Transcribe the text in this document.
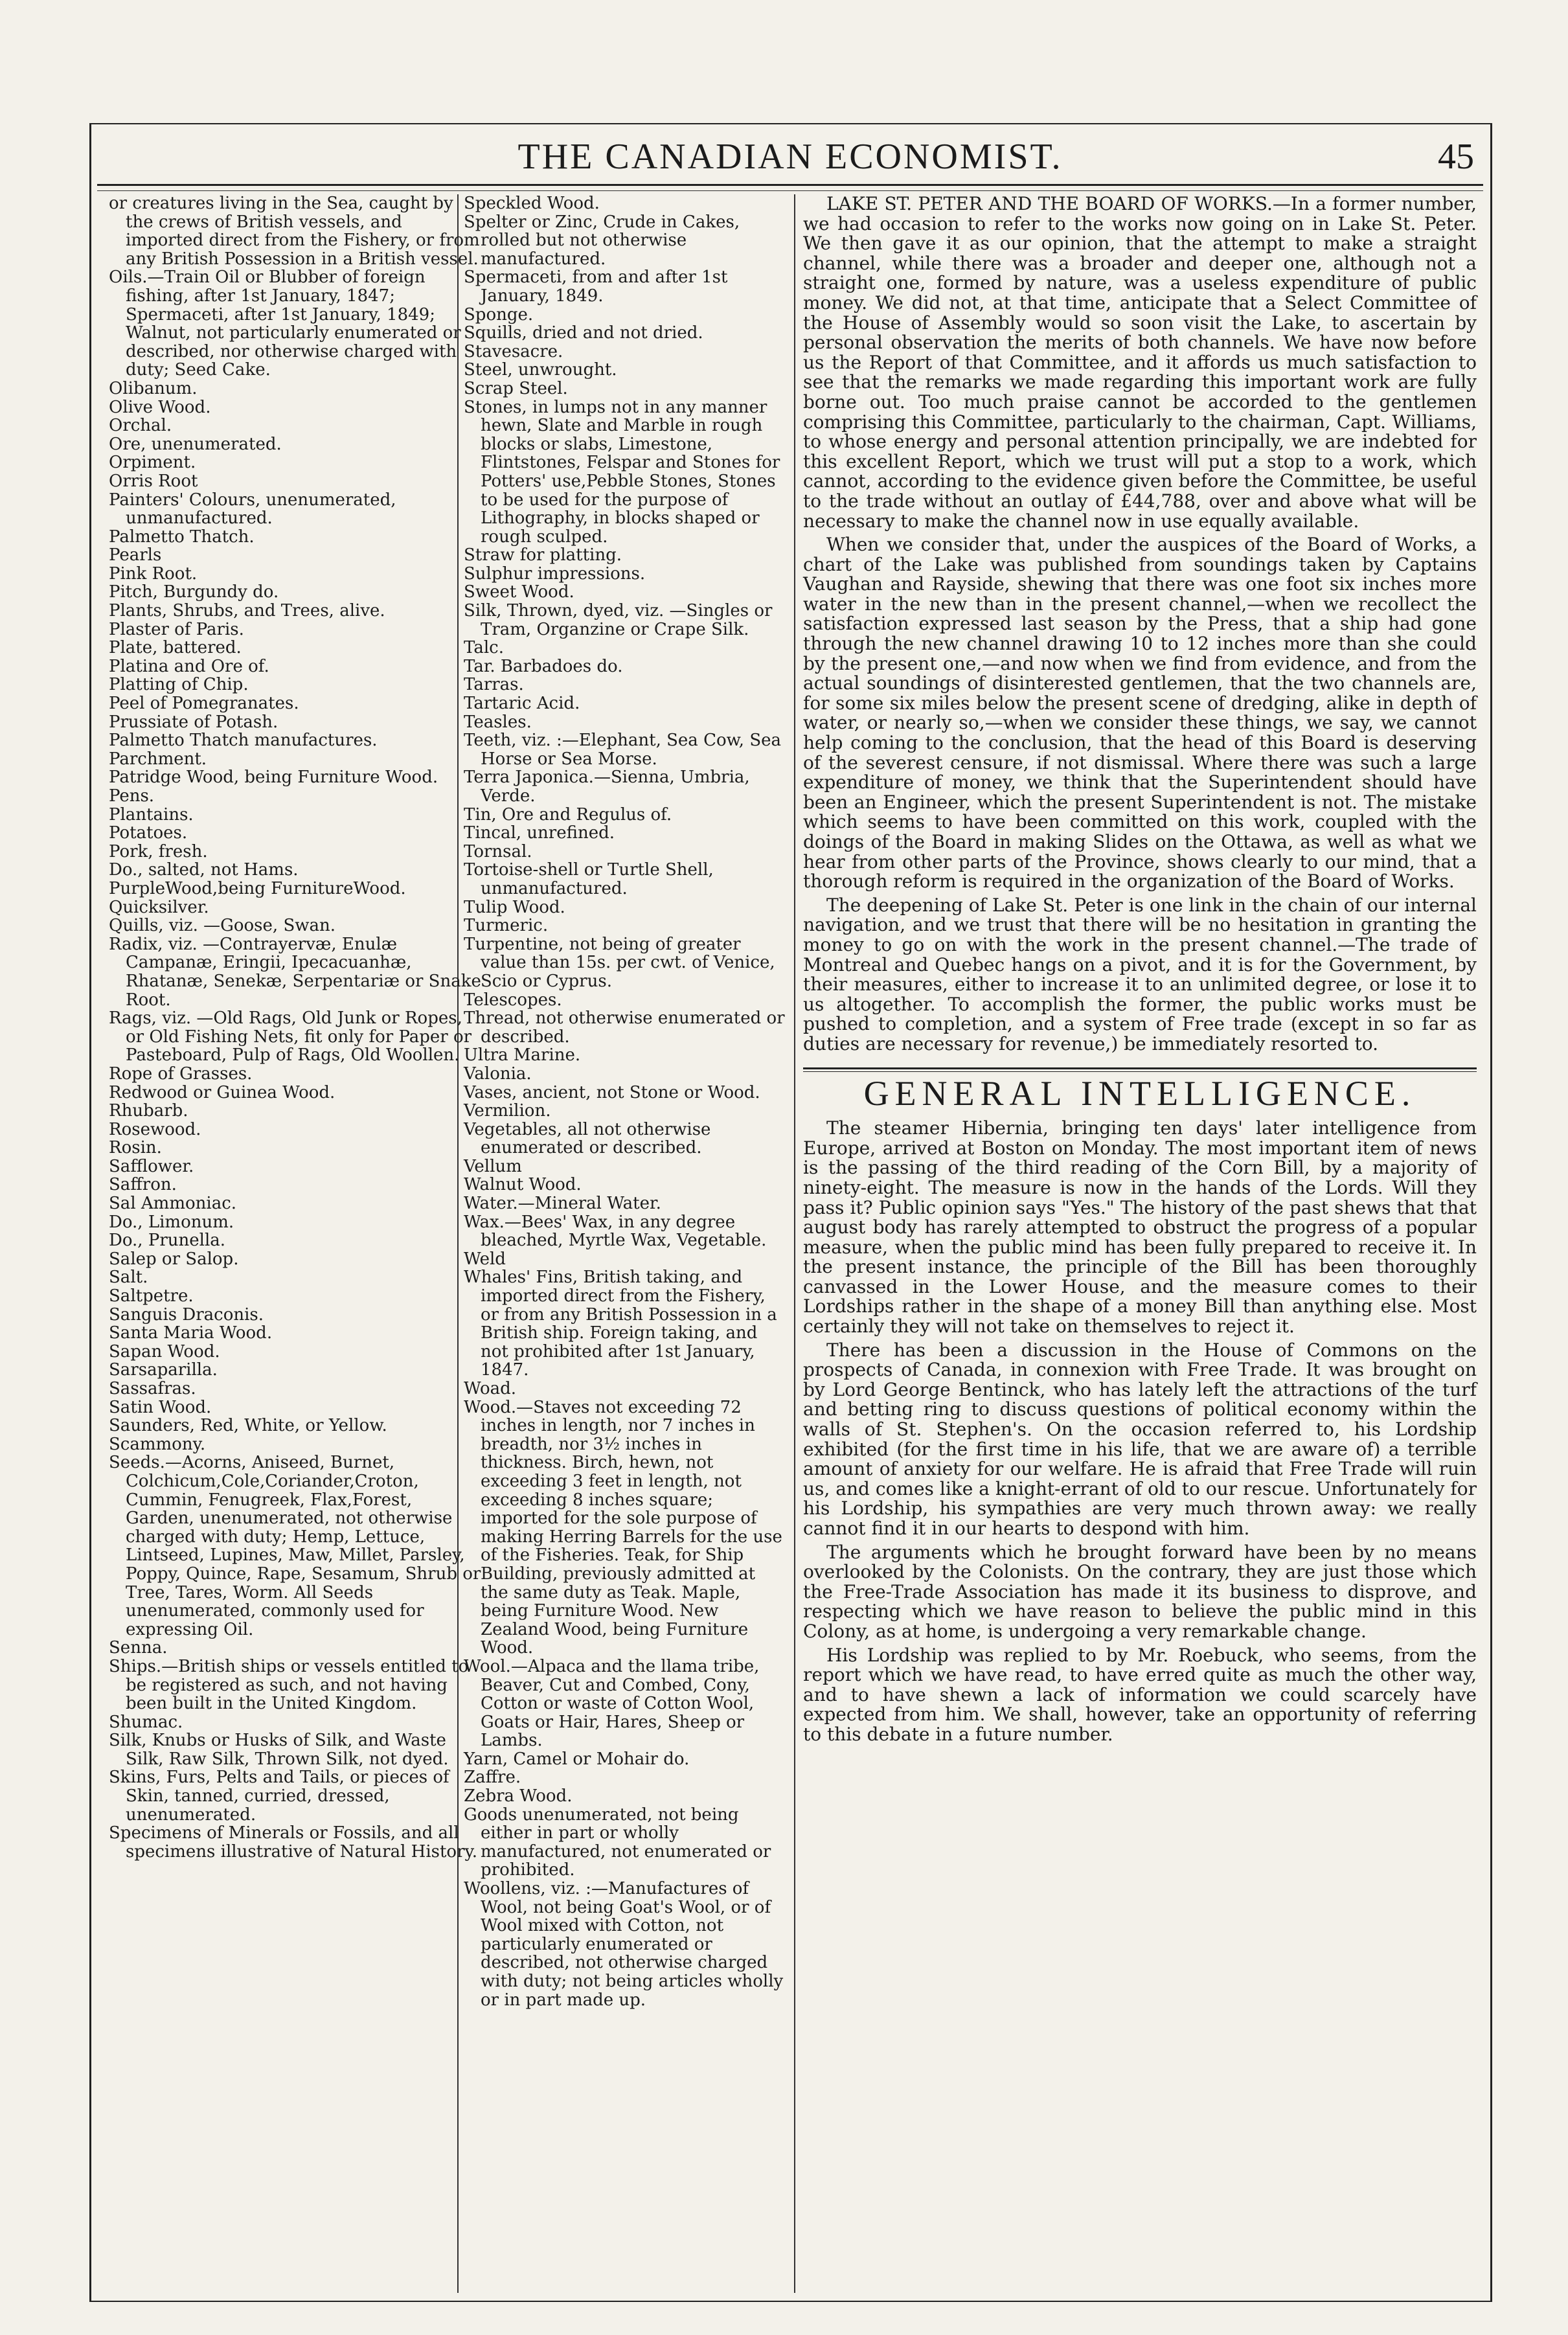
THE CANADIAN ECONOMIST.	45

or creatures living in the Sea, caught by the crews of British vessels, and imported direct from the Fishery, or from any British Possession in a British vessel.

Oils.—Train Oil or Blubber of foreign fishing, after 1st January, 1847; Spermaceti, after 1st January, 1849; Walnut, not particularly enumerated or described, nor otherwise charged with duty; Seed Cake.

Olibanum.

Olive Wood.

Orchal.

Ore, unenumerated.

Orpiment.

Orris Root

Painters' Colours, unenumerated, unmanufactured.

Palmetto Thatch.

Pearls

Pink Root.

Pitch, Burgundy do.

Plants, Shrubs, and Trees, alive.

Plaster of Paris.

Plate, battered.

Platina and Ore of.

Platting of Chip.

Peel of Pomegranates.

Prussiate of Potash.

Palmetto Thatch manufactures.

Parchment.

Patridge Wood, being Furniture Wood.

Pens.

Plantains.

Potatoes.

Pork, fresh.

Do., salted, not Hams.

PurpleWood,being FurnitureWood.

Quicksilver.

Quills, viz. —Goose, Swan.

Radix, viz. —Contrayervæ, Enulæ Campanæ, Eringii, Ipecacuanhæ, Rhatanæ, Senekæ, Serpentariæ or Snake Root.

Rags, viz. —Old Rags, Old Junk or Ropes, or Old Fishing Nets, fit only for Paper or Pasteboard, Pulp of Rags, Old Woollen.

Rope of Grasses.

Redwood or Guinea Wood.

Rhubarb.

Rosewood.

Rosin.

Safflower.

Saffron.

Sal Ammoniac.

Do., Limonum.

Do., Prunella.

Salep or Salop.

Salt.

Saltpetre.

Sanguis Draconis.

Santa Maria Wood.

Sapan Wood.

Sarsaparilla.

Sassafras.

Satin Wood.

Saunders, Red, White, or Yellow.

Scammony.

Seeds.—Acorns, Aniseed, Burnet, Colchicum,Cole,Coriander,Croton, Cummin, Fenugreek, Flax,Forest, Garden, unenumerated, not otherwise charged with duty; Hemp, Lettuce, Lintseed, Lupines, Maw, Millet, Parsley, Poppy, Quince, Rape, Sesamum, Shrub or Tree, Tares, Worm. All Seeds unenumerated, commonly used for expressing Oil.

Senna.

Ships.—British ships or vessels entitled to be registered as such, and not having been built in the United Kingdom.

Shumac.

Silk, Knubs or Husks of Silk, and Waste Silk, Raw Silk, Thrown Silk, not dyed.

Skins, Furs, Pelts and Tails, or pieces of Skin, tanned, curried, dressed, unenumerated.

Specimens of Minerals or Fossils, and all specimens illustrative of Natural History.

Speckled Wood.

Spelter or Zinc, Crude in Cakes, rolled but not otherwise manufactured.

Spermaceti, from and after 1st January, 1849.

Sponge.

Squills, dried and not dried.

Stavesacre.

Steel, unwrought.

Scrap Steel.

Stones, in lumps not in any manner hewn, Slate and Marble in rough blocks or slabs, Limestone, Flintstones, Felspar and Stones for Potters' use,Pebble Stones, Stones to be used for the purpose of Lithography, in blocks shaped or rough sculped.

Straw for platting.

Sulphur impressions.

Sweet Wood.

Silk, Thrown, dyed, viz. —Singles or Tram, Organzine or Crape Silk.

Talc.

Tar. Barbadoes do.

Tarras.

Tartaric Acid.

Teasles.

Teeth, viz. :—Elephant, Sea Cow, Sea Horse or Sea Morse.

Terra Japonica.—Sienna, Umbria, Verde.

Tin, Ore and Regulus of.

Tincal, unrefined.

Tornsal.

Tortoise-shell or Turtle Shell, unmanufactured.

Tulip Wood.

Turmeric.

Turpentine, not being of greater value than 15s. per cwt. of Venice, Scio or Cyprus.

Telescopes.

Thread, not otherwise enumerated or described.

Ultra Marine.

Valonia.

Vases, ancient, not Stone or Wood.

Vermilion.

Vegetables, all not otherwise enumerated or described.

Vellum

Walnut Wood.

Water.—Mineral Water.

Wax.—Bees' Wax, in any degree bleached, Myrtle Wax, Vegetable.

Weld

Whales' Fins, British taking, and imported direct from the Fishery, or from any British Possession in a British ship. Foreign taking, and not prohibited after 1st January, 1847.

Woad.

Wood.—Staves not exceeding 72 inches in length, nor 7 inches in breadth, nor 3½ inches in thickness. Birch, hewn, not exceeding 3 feet in length, not exceeding 8 inches square; imported for the sole purpose of making Herring Barrels for the use of the Fisheries. Teak, for Ship Building, previously admitted at the same duty as Teak. Maple, being Furniture Wood. New Zealand Wood, being Furniture Wood.

Wool.—Alpaca and the llama tribe, Beaver, Cut and Combed, Cony, Cotton or waste of Cotton Wool, Goats or Hair, Hares, Sheep or Lambs.

Yarn, Camel or Mohair do.

Zaffre.

Zebra Wood.

Goods unenumerated, not being either in part or wholly manufactured, not enumerated or prohibited.

Woollens, viz. :—Manufactures of Wool, not being Goat's Wool, or of Wool mixed with Cotton, not particularly enumerated or described, not otherwise charged with duty; not being articles wholly or in part made up.

LAKE ST. PETER AND THE BOARD OF WORKS.—In a former number, we had occasion to refer to the works now going on in Lake St. Peter. We then gave it as our opinion, that the attempt to make a straight channel, while there was a broader and deeper one, although not a straight one, formed by nature, was a useless expenditure of public money. We did not, at that time, anticipate that a Select Committee of the House of Assembly would so soon visit the Lake, to ascertain by personal observation the merits of both channels. We have now before us the Report of that Committee, and it affords us much satisfaction to see that the remarks we made regarding this important work are fully borne out. Too much praise cannot be accorded to the gentlemen comprising this Committee, particularly to the chairman, Capt. Williams, to whose energy and personal attention principally, we are indebted for this excellent Report, which we trust will put a stop to a work, which cannot, according to the evidence given before the Committee, be useful to the trade without an outlay of £44,788, over and above what will be necessary to make the channel now in use equally available.

When we consider that, under the auspices of the Board of Works, a chart of the Lake was published from soundings taken by Captains Vaughan and Rayside, shewing that there was one foot six inches more water in the new than in the present channel,—when we recollect the satisfaction expressed last season by the Press, that a ship had gone through the new channel drawing 10 to 12 inches more than she could by the present one,—and now when we find from evidence, and from the actual soundings of disinterested gentlemen, that the two channels are, for some six miles below the present scene of dredging, alike in depth of water, or nearly so,—when we consider these things, we say, we cannot help coming to the conclusion, that the head of this Board is deserving of the severest censure, if not dismissal. Where there was such a large expenditure of money, we think that the Superintendent should have been an Engineer, which the present Superintendent is not. The mistake which seems to have been committed on this work, coupled with the doings of the Board in making Slides on the Ottawa, as well as what we hear from other parts of the Province, shows clearly to our mind, that a thorough reform is required in the organization of the Board of Works.

The deepening of Lake St. Peter is one link in the chain of our internal navigation, and we trust that there will be no hesitation in granting the money to go on with the work in the present channel.—The trade of Montreal and Quebec hangs on a pivot, and it is for the Government, by their measures, either to increase it to an unlimited degree, or lose it to us altogether. To accomplish the former, the public works must be pushed to completion, and a system of Free trade (except in so far as duties are necessary for revenue,) be immediately resorted to.

GENERAL INTELLIGENCE.

The steamer Hibernia, bringing ten days' later intelligence from Europe, arrived at Boston on Monday. The most important item of news is the passing of the third reading of the Corn Bill, by a majority of ninety-eight. The measure is now in the hands of the Lords. Will they pass it? Public opinion says "Yes." The history of the past shews that that august body has rarely attempted to obstruct the progress of a popular measure, when the public mind has been fully prepared to receive it. In the present instance, the principle of the Bill has been thoroughly canvassed in the Lower House, and the measure comes to their Lordships rather in the shape of a money Bill than anything else. Most certainly they will not take on themselves to reject it.

There has been a discussion in the House of Commons on the prospects of Canada, in connexion with Free Trade. It was brought on by Lord George Bentinck, who has lately left the attractions of the turf and betting ring to discuss questions of political economy within the walls of St. Stephen's. On the occasion referred to, his Lordship exhibited (for the first time in his life, that we are aware of) a terrible amount of anxiety for our welfare. He is afraid that Free Trade will ruin us, and comes like a knight-errant of old to our rescue. Unfortunately for his Lordship, his sympathies are very much thrown away: we really cannot find it in our hearts to despond with him.

The arguments which he brought forward have been by no means overlooked by the Colonists. On the contrary, they are just those which the Free-Trade Association has made it its business to disprove, and respecting which we have reason to believe the public mind in this Colony, as at home, is undergoing a very remarkable change.

His Lordship was replied to by Mr. Roebuck, who seems, from the report which we have read, to have erred quite as much the other way, and to have shewn a lack of information we could scarcely have expected from him. We shall, however, take an opportunity of referring to this debate in a future number.
